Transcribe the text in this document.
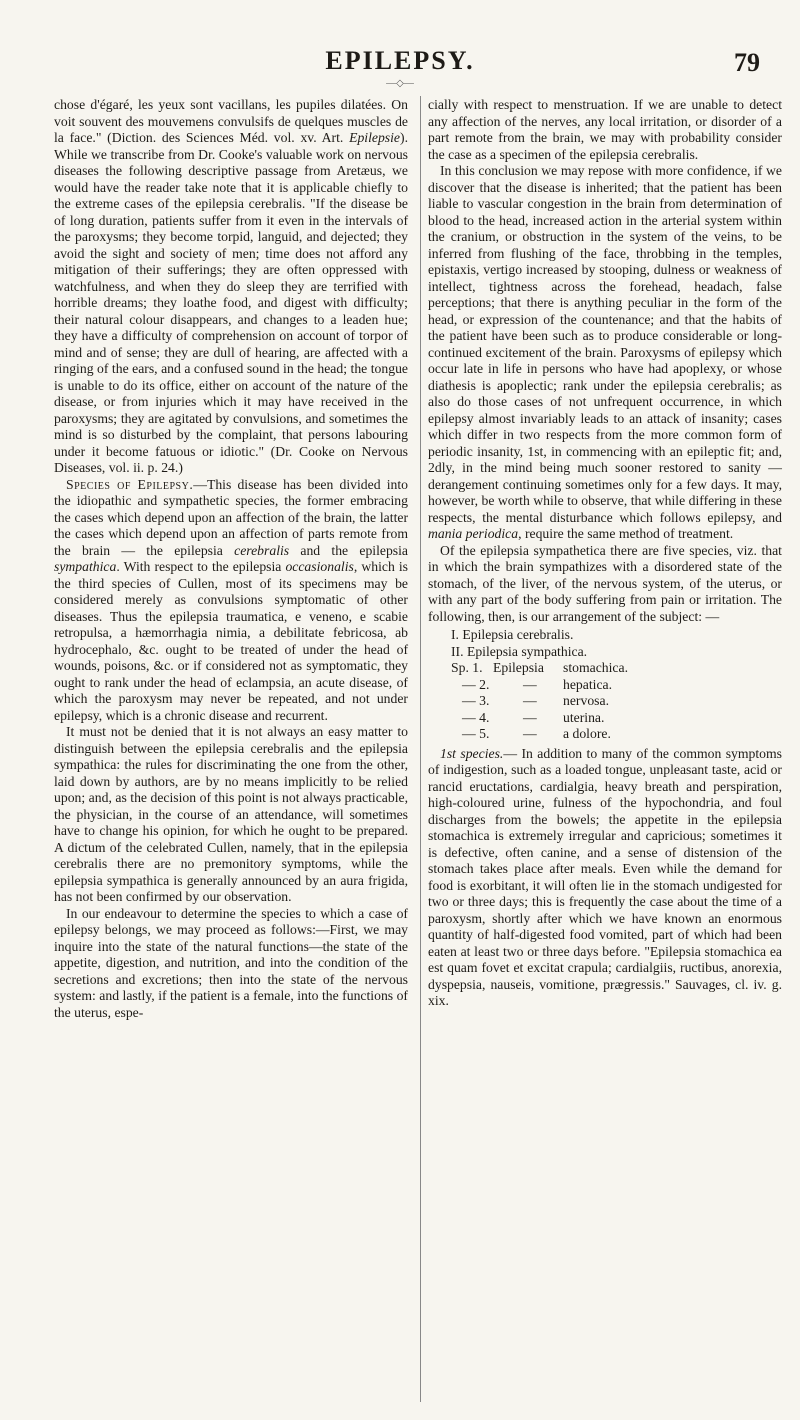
EPILEPSY.	79
—◇—

chose d'égaré, les yeux sont vacillans, les pupiles dilatées. On voit souvent des mouvemens convulsifs de quelques muscles de la face." (Diction. des Sciences Méd. vol. xv. Art. Epilepsie). While we transcribe from Dr. Cooke's valuable work on nervous diseases the following descriptive passage from Aretæus, we would have the reader take note that it is applicable chiefly to the extreme cases of the epilepsia cerebralis. "If the disease be of long duration, patients suffer from it even in the intervals of the paroxysms; they become torpid, languid, and dejected; they avoid the sight and society of men; time does not afford any mitigation of their sufferings; they are often oppressed with watchfulness, and when they do sleep they are terrified with horrible dreams; they loathe food, and digest with difficulty; their natural colour disappears, and changes to a leaden hue; they have a difficulty of comprehension on account of torpor of mind and of sense; they are dull of hearing, are affected with a ringing of the ears, and a confused sound in the head; the tongue is unable to do its office, either on account of the nature of the disease, or from injuries which it may have received in the paroxysms; they are agitated by convulsions, and sometimes the mind is so disturbed by the complaint, that persons labouring under it become fatuous or idiotic." (Dr. Cooke on Nervous Diseases, vol. ii. p. 24.)

Species of Epilepsy.—This disease has been divided into the idiopathic and sympathetic species, the former embracing the cases which depend upon an affection of the brain, the latter the cases which depend upon an affection of parts remote from the brain — the epilepsia cerebralis and the epilepsia sympathica. With respect to the epilepsia occasionalis, which is the third species of Cullen, most of its specimens may be considered merely as convulsions symptomatic of other diseases. Thus the epilepsia traumatica, e veneno, e scabie retropulsa, a hæmorrhagia nimia, a debilitate febricosa, ab hydrocephalo, &c. ought to be treated of under the head of wounds, poisons, &c. or if considered not as symptomatic, they ought to rank under the head of eclampsia, an acute disease, of which the paroxysm may never be repeated, and not under epilepsy, which is a chronic disease and recurrent.

It must not be denied that it is not always an easy matter to distinguish between the epilepsia cerebralis and the epilepsia sympathica: the rules for discriminating the one from the other, laid down by authors, are by no means implicitly to be relied upon; and, as the decision of this point is not always practicable, the physician, in the course of an attendance, will sometimes have to change his opinion, for which he ought to be prepared. A dictum of the celebrated Cullen, namely, that in the epilepsia cerebralis there are no premonitory symptoms, while the epilepsia sympathica is generally announced by an aura frigida, has not been confirmed by our observation.

In our endeavour to determine the species to which a case of epilepsy belongs, we may proceed as follows:—First, we may inquire into the state of the natural functions—the state of the appetite, digestion, and nutrition, and into the condition of the secretions and excretions; then into the state of the nervous system: and lastly, if the patient is a female, into the functions of the uterus, espe-

cially with respect to menstruation. If we are unable to detect any affection of the nerves, any local irritation, or disorder of a part remote from the brain, we may with probability consider the case as a specimen of the epilepsia cerebralis.

In this conclusion we may repose with more confidence, if we discover that the disease is inherited; that the patient has been liable to vascular congestion in the brain from determination of blood to the head, increased action in the arterial system within the cranium, or obstruction in the system of the veins, to be inferred from flushing of the face, throbbing in the temples, epistaxis, vertigo increased by stooping, dulness or weakness of intellect, tightness across the forehead, headach, false perceptions; that there is anything peculiar in the form of the head, or expression of the countenance; and that the habits of the patient have been such as to produce considerable or long-continued excitement of the brain. Paroxysms of epilepsy which occur late in life in persons who have had apoplexy, or whose diathesis is apoplectic; rank under the epilepsia cerebralis; as also do those cases of not unfrequent occurrence, in which epilepsy almost invariably leads to an attack of insanity; cases which differ in two respects from the more common form of periodic insanity, 1st, in commencing with an epileptic fit; and, 2dly, in the mind being much sooner restored to sanity — derangement continuing sometimes only for a few days. It may, however, be worth while to observe, that while differing in these respects, the mental disturbance which follows epilepsy, and mania periodica, require the same method of treatment.

Of the epilepsia sympathetica there are five species, viz. that in which the brain sympathizes with a disordered state of the stomach, of the liver, of the nervous system, of the uterus, or with any part of the body suffering from pain or irritation. The following, then, is our arrangement of the subject: —

I. Epilepsia cerebralis.
II. Epilepsia sympathica.
Sp. 1. Epilepsia stomachica.
— 2. — hepatica.
— 3. — nervosa.
— 4. — uterina.
— 5. — a dolore.

1st species.— In addition to many of the common symptoms of indigestion, such as a loaded tongue, unpleasant taste, acid or rancid eructations, cardialgia, heavy breath and perspiration, high-coloured urine, fulness of the hypochondria, and foul discharges from the bowels; the appetite in the epilepsia stomachica is extremely irregular and capricious; sometimes it is defective, often canine, and a sense of distension of the stomach takes place after meals. Even while the demand for food is exorbitant, it will often lie in the stomach undigested for two or three days; this is frequently the case about the time of a paroxysm, shortly after which we have known an enormous quantity of half-digested food vomited, part of which had been eaten at least two or three days before. "Epilepsia stomachica ea est quam fovet et excitat crapula; cardialgiis, ructibus, anorexia, dyspepsia, nauseis, vomitione, prægressis." Sauvages, cl. iv. g. xix.
